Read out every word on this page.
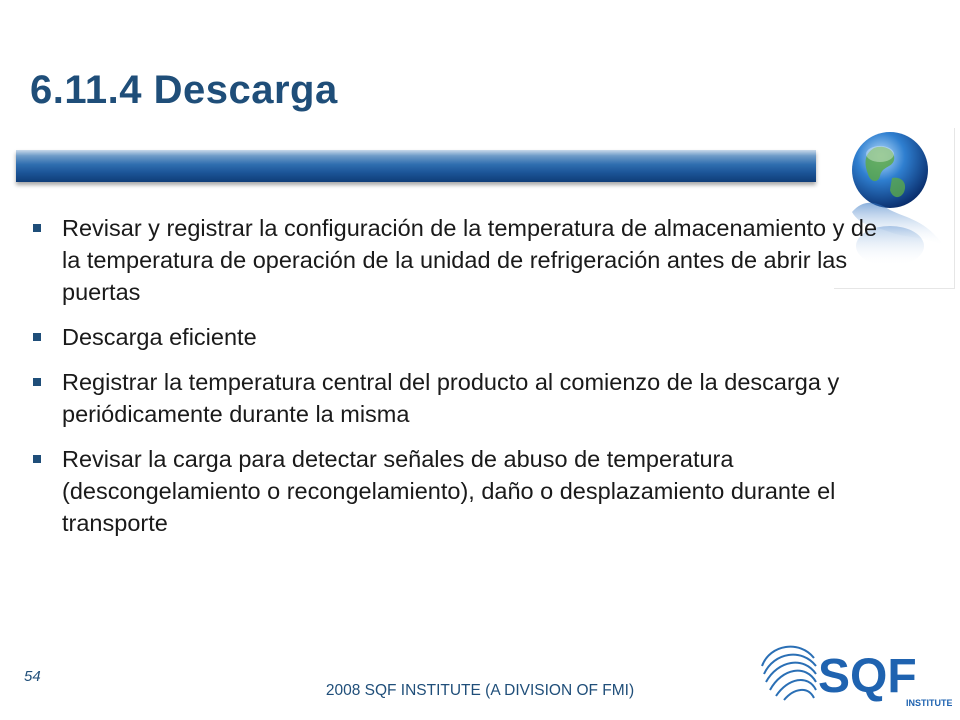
6.11.4 Descarga
Revisar y registrar la configuración de la temperatura de almacenamiento y de la temperatura de operación de la unidad de refrigeración antes de abrir las puertas
Descarga eficiente
Registrar la temperatura central del producto al comienzo de la descarga y periódicamente durante la misma
Revisar la carga para detectar señales de abuso de temperatura (descongelamiento o recongelamiento), daño o desplazamiento durante el transporte
54
2008 SQF INSTITUTE (A DIVISION OF FMI)	SQF
INSTITUTE
